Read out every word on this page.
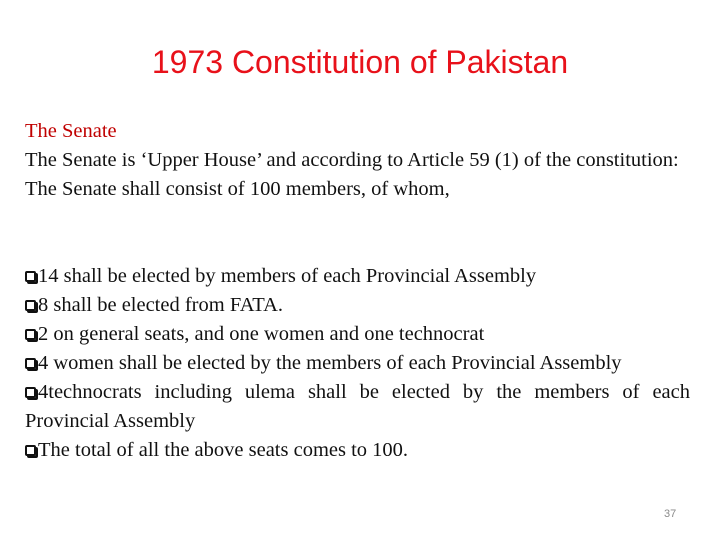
1973 Constitution of Pakistan
The Senate
The Senate is ‘Upper House’ and according to Article 59 (1) of the constitution:
The Senate shall consist of 100 members, of whom,
14 shall be elected by members of each Provincial Assembly
8 shall be elected from FATA.
2 on general seats, and one women and one technocrat
4 women shall be elected by the members of each Provincial Assembly
4technocrats including ulema shall be elected by the members of each Provincial Assembly
The total of all the above seats comes to 100.
37
